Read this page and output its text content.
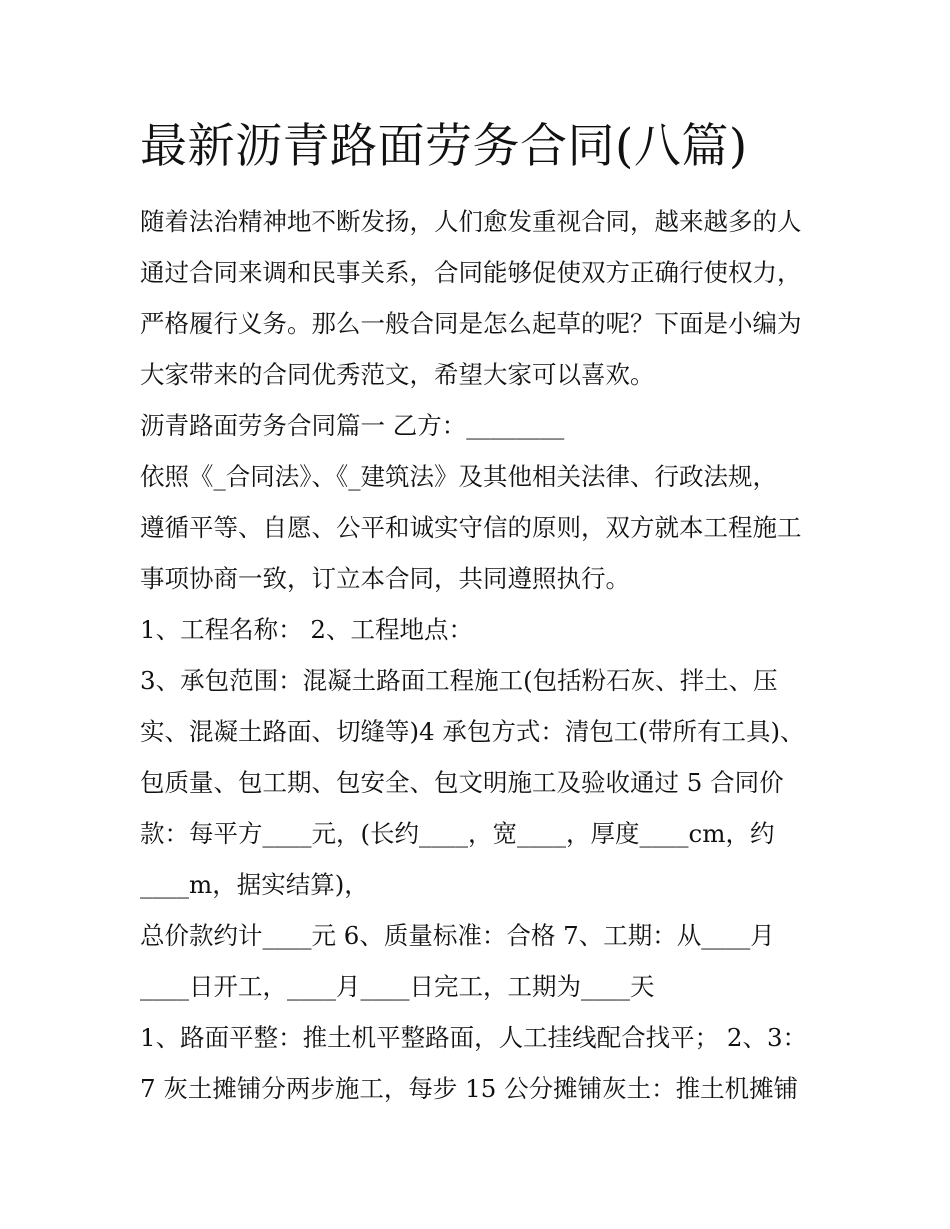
最新沥青路面劳务合同(八篇)

随着法治精神地不断发扬，人们愈发重视合同，越来越多的人

通过合同来调和民事关系，合同能够促使双方正确行使权力，

严格履行义务。那么一般合同是怎么起草的呢？下面是小编为

大家带来的合同优秀范文，希望大家可以喜欢。

沥青路面劳务合同篇一 乙方：________

依照《_合同法》、《_建筑法》及其他相关法律、行政法规，

遵循平等、自愿、公平和诚实守信的原则，双方就本工程施工

事项协商一致，订立本合同，共同遵照执行。

1、工程名称： 2、工程地点：

3、承包范围：混凝土路面工程施工(包括粉石灰、拌土、压

实、混凝土路面、切缝等)4 承包方式：清包工(带所有工具)、

包质量、包工期、包安全、包文明施工及验收通过 5 合同价

款：每平方____元，(长约____，宽____，厚度____cm，约

____m，据实结算)，

总价款约计____元 6、质量标准：合格 7、工期：从____月

____日开工，____月____日完工，工期为____天

1、路面平整：推土机平整路面，人工挂线配合找平； 2、3：

7 灰土摊铺分两步施工，每步 15 公分摊铺灰土：推土机摊铺
